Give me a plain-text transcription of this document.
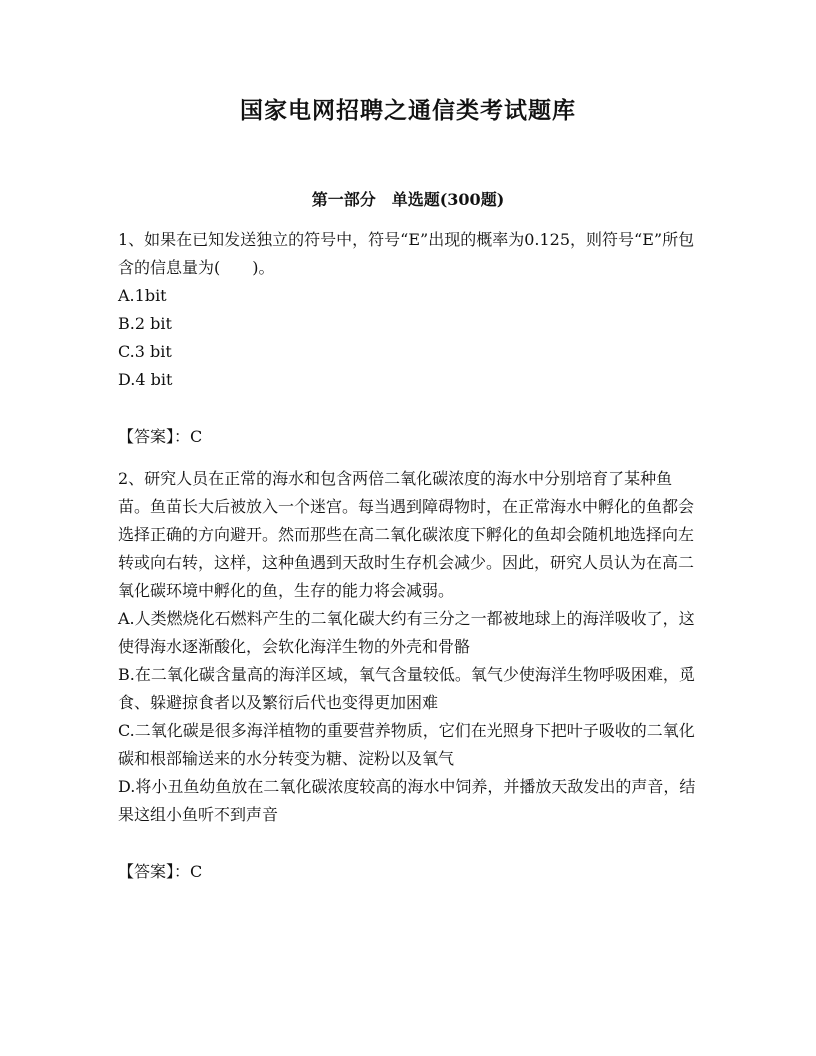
国家电网招聘之通信类考试题库
第一部分　单选题(300题)

1、如果在已知发送独立的符号中，符号“E”出现的概率为0.125，则符号“E”所包含的信息量为(　　)。

A.1bit

B.2 bit

C.3 bit

D.4 bit

【答案】：C

2、研究人员在正常的海水和包含两倍二氧化碳浓度的海水中分别培育了某种鱼苗。鱼苗长大后被放入一个迷宫。每当遇到障碍物时，在正常海水中孵化的鱼都会选择正确的方向避开。然而那些在高二氧化碳浓度下孵化的鱼却会随机地选择向左转或向右转，这样，这种鱼遇到天敌时生存机会减少。因此，研究人员认为在高二氧化碳环境中孵化的鱼，生存的能力将会减弱。

A.人类燃烧化石燃料产生的二氧化碳大约有三分之一都被地球上的海洋吸收了，这使得海水逐渐酸化，会软化海洋生物的外壳和骨骼

B.在二氧化碳含量高的海洋区域，氧气含量较低。氧气少使海洋生物呼吸困难，觅食、躲避掠食者以及繁衍后代也变得更加困难

C.二氧化碳是很多海洋植物的重要营养物质，它们在光照身下把叶子吸收的二氧化碳和根部输送来的水分转变为糖、淀粉以及氧气

D.将小丑鱼幼鱼放在二氧化碳浓度较高的海水中饲养，并播放天敌发出的声音，结果这组小鱼听不到声音

【答案】：C
